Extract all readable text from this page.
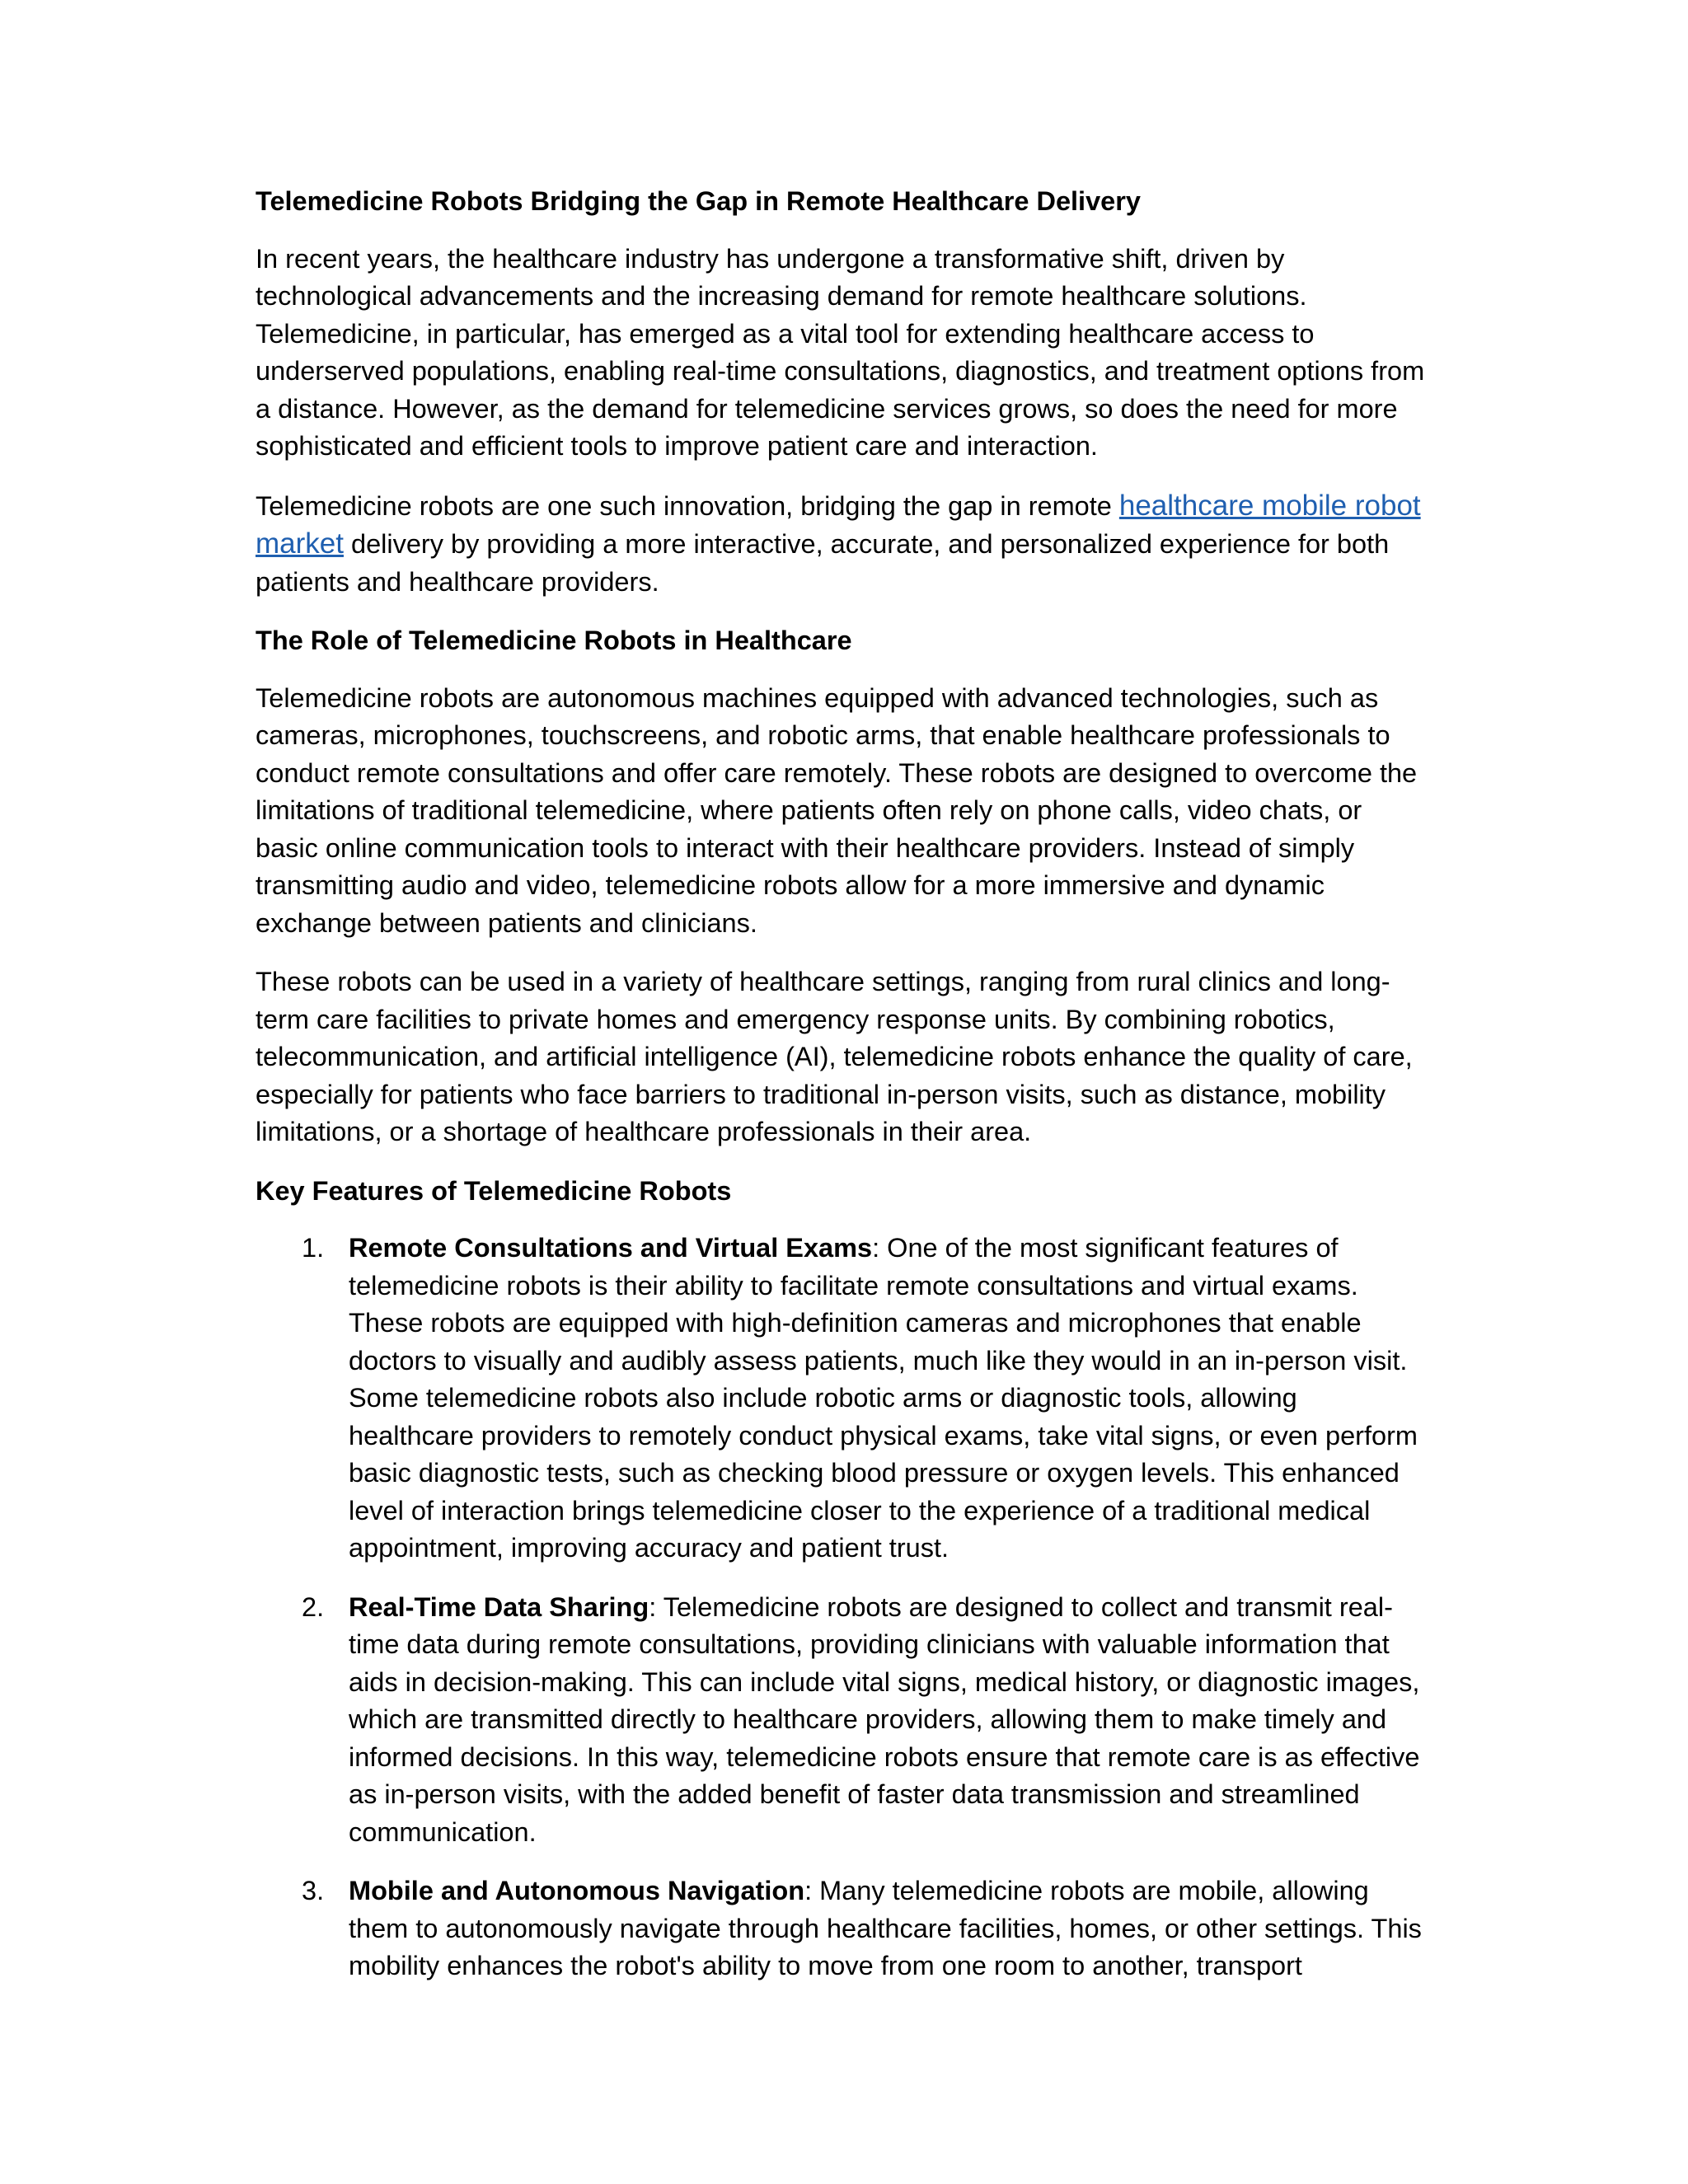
Telemedicine Robots Bridging the Gap in Remote Healthcare Delivery

In recent years, the healthcare industry has undergone a transformative shift, driven by technological advancements and the increasing demand for remote healthcare solutions. Telemedicine, in particular, has emerged as a vital tool for extending healthcare access to underserved populations, enabling real-time consultations, diagnostics, and treatment options from a distance. However, as the demand for telemedicine services grows, so does the need for more sophisticated and efficient tools to improve patient care and interaction.

Telemedicine robots are one such innovation, bridging the gap in remote healthcare mobile robot market delivery by providing a more interactive, accurate, and personalized experience for both patients and healthcare providers.

The Role of Telemedicine Robots in Healthcare

Telemedicine robots are autonomous machines equipped with advanced technologies, such as cameras, microphones, touchscreens, and robotic arms, that enable healthcare professionals to conduct remote consultations and offer care remotely. These robots are designed to overcome the limitations of traditional telemedicine, where patients often rely on phone calls, video chats, or basic online communication tools to interact with their healthcare providers. Instead of simply transmitting audio and video, telemedicine robots allow for a more immersive and dynamic exchange between patients and clinicians.

These robots can be used in a variety of healthcare settings, ranging from rural clinics and long-term care facilities to private homes and emergency response units. By combining robotics, telecommunication, and artificial intelligence (AI), telemedicine robots enhance the quality of care, especially for patients who face barriers to traditional in-person visits, such as distance, mobility limitations, or a shortage of healthcare professionals in their area.

Key Features of Telemedicine Robots
1. Remote Consultations and Virtual Exams: One of the most significant features of telemedicine robots is their ability to facilitate remote consultations and virtual exams. These robots are equipped with high-definition cameras and microphones that enable doctors to visually and audibly assess patients, much like they would in an in-person visit. Some telemedicine robots also include robotic arms or diagnostic tools, allowing healthcare providers to remotely conduct physical exams, take vital signs, or even perform basic diagnostic tests, such as checking blood pressure or oxygen levels. This enhanced level of interaction brings telemedicine closer to the experience of a traditional medical appointment, improving accuracy and patient trust.
2. Real-Time Data Sharing: Telemedicine robots are designed to collect and transmit real-time data during remote consultations, providing clinicians with valuable information that aids in decision-making. This can include vital signs, medical history, or diagnostic images, which are transmitted directly to healthcare providers, allowing them to make timely and informed decisions. In this way, telemedicine robots ensure that remote care is as effective as in-person visits, with the added benefit of faster data transmission and streamlined communication.
3. Mobile and Autonomous Navigation: Many telemedicine robots are mobile, allowing them to autonomously navigate through healthcare facilities, homes, or other settings. This mobility enhances the robot's ability to move from one room to another, transport
